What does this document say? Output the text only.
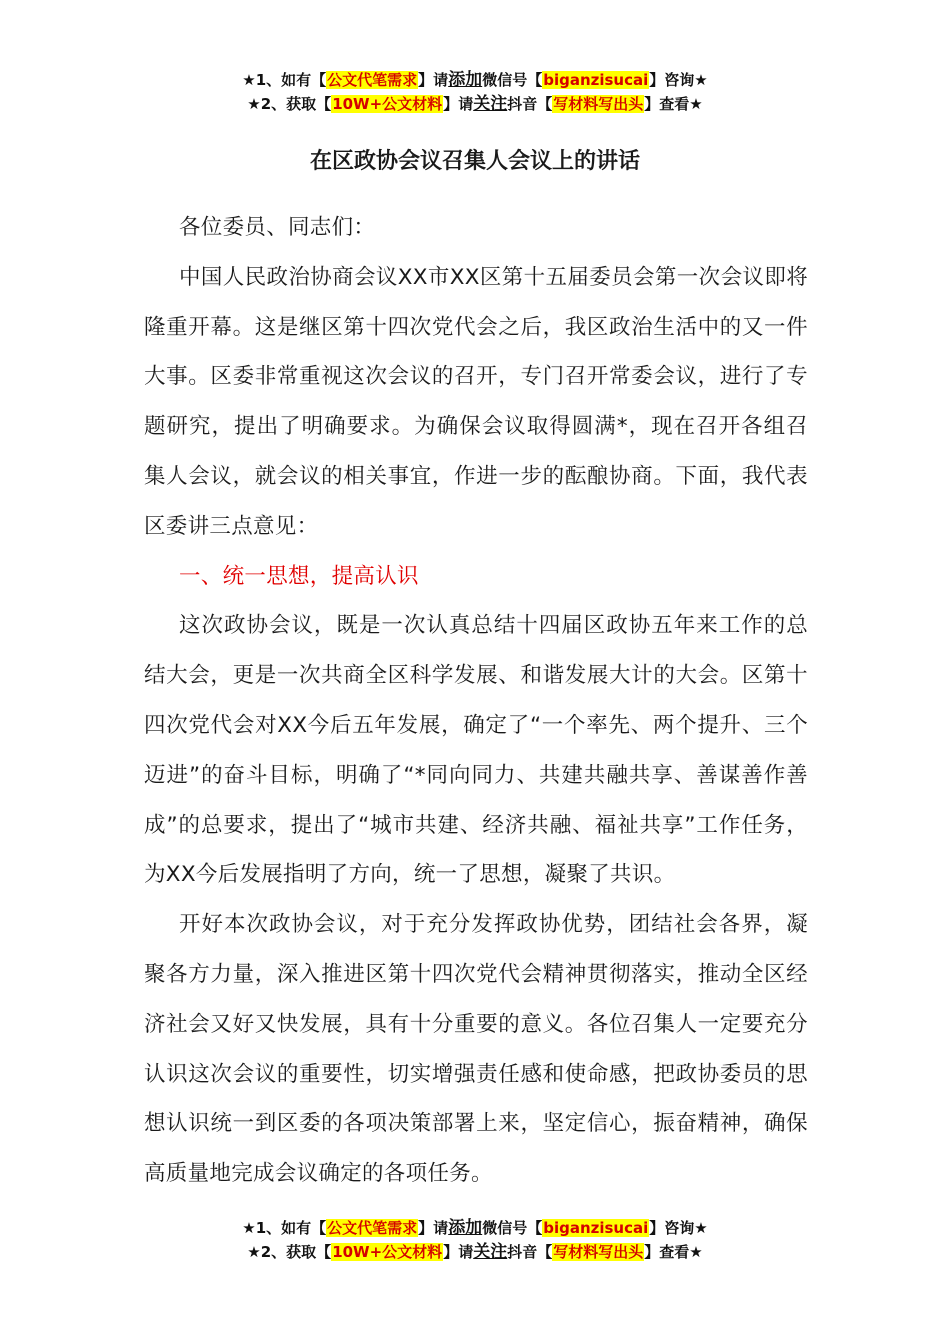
★1、如有【公文代笔需求】请添加微信号【biganzisucai】咨询★
★2、获取【10W+公文材料】请关注抖音【写材料写出头】查看★
在区政协会议召集人会议上的讲话

各位委员、同志们：

中国人民政治协商会议XX市XX区第十五届委员会第一次会议即将隆重开幕。这是继区第十四次党代会之后，我区政治生活中的又一件大事。区委非常重视这次会议的召开，专门召开常委会议，进行了专题研究，提出了明确要求。为确保会议取得圆满*，现在召开各组召集人会议，就会议的相关事宜，作进一步的酝酿协商。下面，我代表区委讲三点意见：

一、统一思想，提高认识

这次政协会议，既是一次认真总结十四届区政协五年来工作的总结大会，更是一次共商全区科学发展、和谐发展大计的大会。区第十四次党代会对XX今后五年发展，确定了“一个率先、两个提升、三个迈进”的奋斗目标，明确了“*同向同力、共建共融共享、善谋善作善成”的总要求，提出了“城市共建、经济共融、福祉共享”工作任务，为XX今后发展指明了方向，统一了思想，凝聚了共识。

开好本次政协会议，对于充分发挥政协优势，团结社会各界，凝聚各方力量，深入推进区第十四次党代会精神贯彻落实，推动全区经济社会又好又快发展，具有十分重要的意义。各位召集人一定要充分认识这次会议的重要性，切实增强责任感和使命感，把政协委员的思想认识统一到区委的各项决策部署上来，坚定信心，振奋精神，确保高质量地完成会议确定的各项任务。

★1、如有【公文代笔需求】请添加微信号【biganzisucai】咨询★
★2、获取【10W+公文材料】请关注抖音【写材料写出头】查看★
